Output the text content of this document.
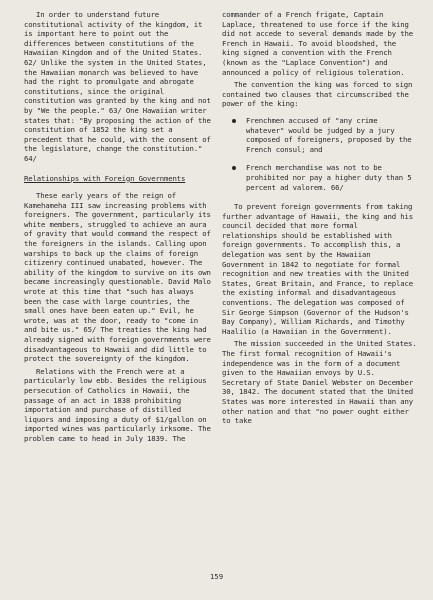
In order to understand future constitutional activity of the kingdom, it is important here to point out the differences between constitutions of the Hawaiian Kingdom and of the United States. 62/ Unlike the system in the United States, the Hawaiian monarch was believed to have had the right to promulgate and abrogate constitutions, since the original constitution was granted by the king and not by "We the people." 63/ One Hawaiian writer states that: "By proposing the action of the constitution of 1852 the king set a precedent that he could, with the consent of the legislature, change the constitution." 64/

Relationships with Foreign Governments

These early years of the reign of Kamehameha III saw increasing problems with foreigners. The government, particularly its white members, struggled to achieve an aura of gravity that would command the respect of the foreigners in the islands. Calling upon warships to back up the claims of foreign citizenry continued unabated, however. The ability of the kingdom to survive on its own became increasingly questionable. David Malo wrote at this time that "such has always been the case with large countries, the small ones have been eaten up." Evil, he wrote, was at the door, ready to "come in and bite us." 65/ The treaties the king had already signed with foreign governments were disadvantageous to Hawaii and did little to protect the sovereignty of the kingdom.

Relations with the French were at a particularly low ebb. Besides the religious persecution of Catholics in Hawaii, the passage of an act in 1838 prohibiting importation and purchase of distilled liquors and imposing a duty of $1/gallon on imported wines was particularly irksome. The problem came to head in July 1839. The

commander of a French frigate, Captain Laplace, threatened to use force if the king did not accede to several demands made by the French in Hawaii. To avoid bloodshed, the king signed a convention with the French (known as the "Laplace Convention") and announced a policy of religious toleration.

The convention the king was forced to sign contained two clauses that circumscribed the power of the king:

Frenchmen accused of "any crime whatever" would be judged by a jury composed of foreigners, proposed by the French consul; and
French merchandise was not to be prohibited nor pay a higher duty than 5 percent ad valorem. 66/

To prevent foreign governments from taking further advantage of Hawaii, the king and his council decided that more formal relationships should be established with foreign governments. To accomplish this, a delegation was sent by the Hawaiian Government in 1842 to negotiate for formal recognition and new treaties with the United States, Great Britain, and France, to replace the existing informal and disadvantageous conventions. The delegation was composed of Sir George Simpson (Governor of the Hudson's Bay Company), William Richards, and Timothy Haalilio (a Hawaiian in the Government).

The mission succeeded in the United States. The first formal recognition of Hawaii's independence was in the form of a document given to the Hawaiian envoys by U.S. Secretary of State Daniel Webster on December 30, 1842. The document stated that the United States was more interested in Hawaii than any other nation and that "no power ought either to take

159
